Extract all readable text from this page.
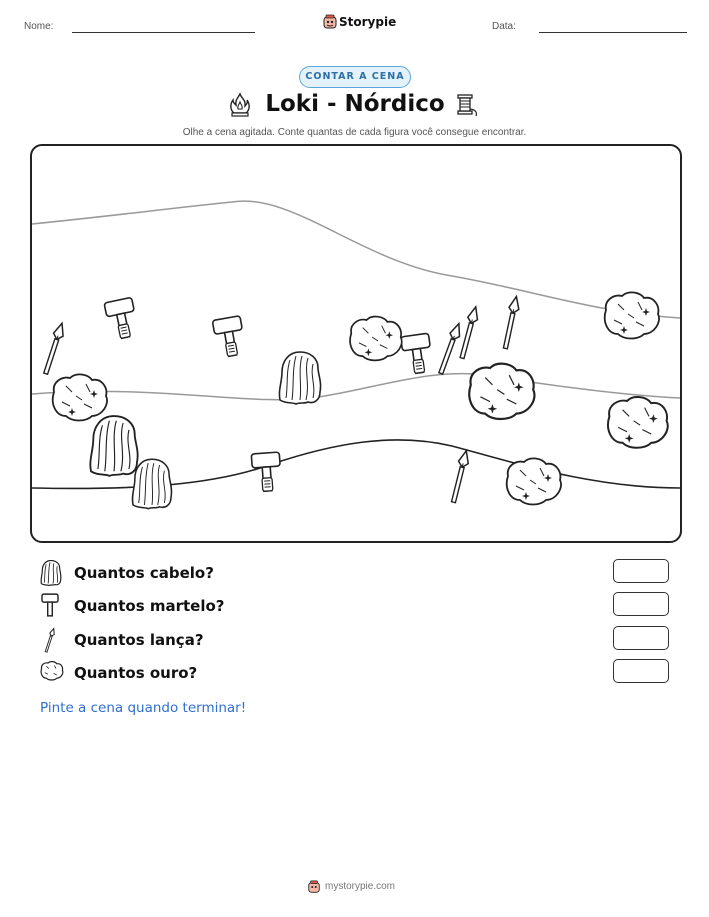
Nome:	Storypie	Data:
CONTAR A CENA
Loki - Nórdico
Olhe a cena agitada. Conte quantas de cada figura você consegue encontrar.
Quantos cabelo?
Quantos martelo?
Quantos lança?
Quantos ouro?
Pinte a cena quando terminar!
mystorypie.com
